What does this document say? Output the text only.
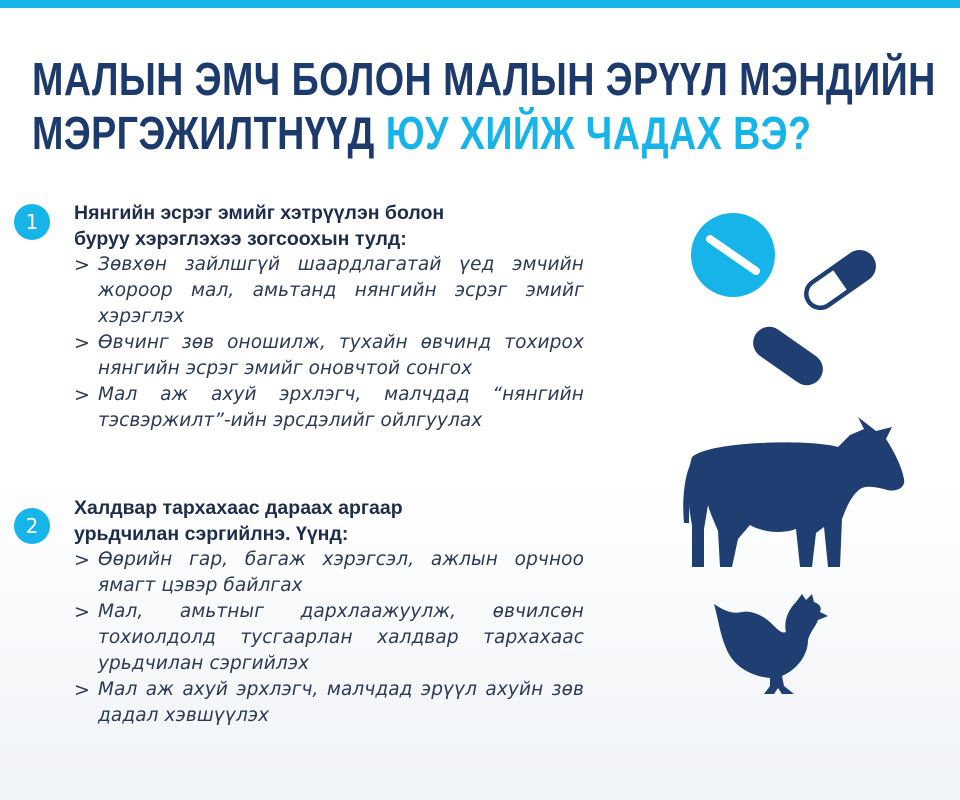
МАЛЫН ЭМЧ БОЛОН МАЛЫН ЭРҮҮЛ МЭНДИЙН
МЭРГЭЖИЛТНҮҮД ЮУ ХИЙЖ ЧАДАХ ВЭ?
1	Нянгийн эсрэг эмийг хэтрүүлэн болон
буруу хэрэглэхээ зогсоохын тулд:
> Зөвхөн зайлшгүй шаардлагатай үед эмчийн жороор мал, амьтанд нянгийн эсрэг эмийг хэрэглэх
> Өвчинг зөв оношилж, тухайн өвчинд тохирох нянгийн эсрэг эмийг оновчтой сонгох
> Мал аж ахуй эрхлэгч, малчдад “нянгийн тэсвэржилт”-ийн эрсдэлийг ойлгуулах
2
Халдвар тархахаас дараах аргаар
урьдчилан сэргийлнэ. Үүнд:
> Өөрийн гар, багаж хэрэгсэл, ажлын орчноо ямагт цэвэр байлгах
> Мал, амьтныг дархлаажуулж, өвчилсөн тохиолдолд тусгаарлан халдвар тархахаас урьдчилан сэргийлэх
> Мал аж ахуй эрхлэгч, малчдад эрүүл ахуйн зөв дадал хэвшүүлэх
